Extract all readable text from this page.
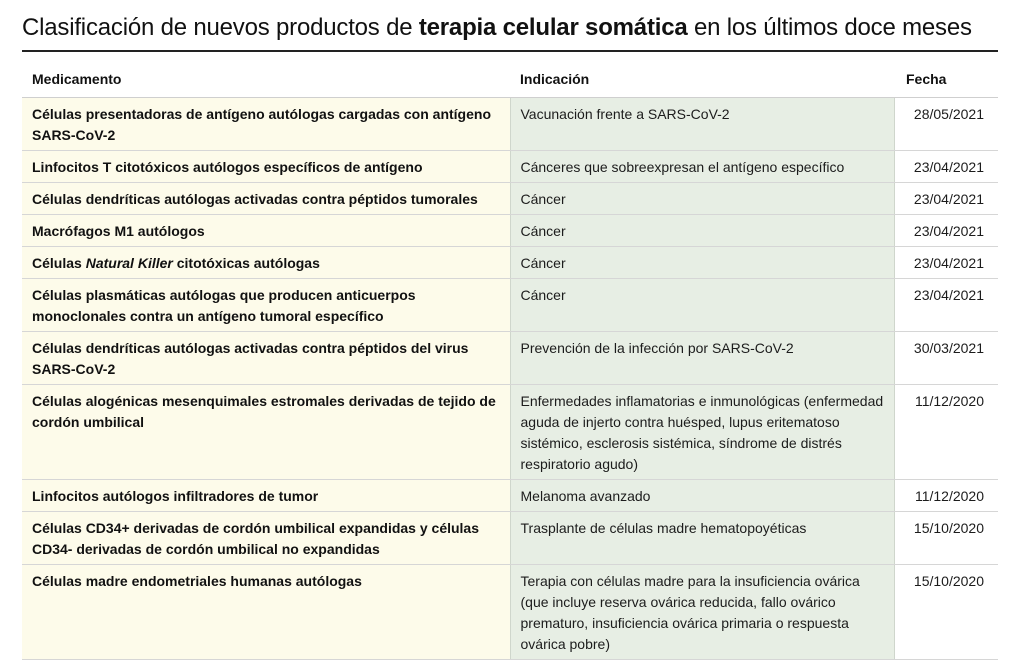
Clasificación de nuevos productos de terapia celular somática en los últimos doce meses
Medicamento	Indicación	Fecha
Células presentadoras de antígeno autólogas cargadas con antígeno SARS-CoV-2	Vacunación frente a SARS-CoV-2	28/05/2021
Linfocitos T citotóxicos autólogos específicos de antígeno	Cánceres que sobreexpresan el antígeno específico	23/04/2021
Células dendríticas autólogas activadas contra péptidos tumorales	Cáncer	23/04/2021
Macrófagos M1 autólogos	Cáncer	23/04/2021
Células Natural Killer citotóxicas autólogas	Cáncer	23/04/2021
Células plasmáticas autólogas que producen anticuerpos monoclonales contra un antígeno tumoral específico	Cáncer	23/04/2021
Células dendríticas autólogas activadas contra péptidos del virus SARS-CoV-2	Prevención de la infección por SARS-CoV-2	30/03/2021
Células alogénicas mesenquimales estromales derivadas de tejido de cordón umbilical	Enfermedades inflamatorias e inmunológicas (enfermedad aguda de injerto contra huésped, lupus eritematoso sistémico, esclerosis sistémica, síndrome de distrés respiratorio agudo)	11/12/2020
Linfocitos autólogos infiltradores de tumor	Melanoma avanzado	11/12/2020
Células CD34+ derivadas de cordón umbilical expandidas y células CD34- derivadas de cordón umbilical no expandidas	Trasplante de células madre hematopoyéticas	15/10/2020
Células madre endometriales humanas autólogas	Terapia con células madre para la insuficiencia ovárica (que incluye reserva ovárica reducida, fallo ovárico prematuro, insuficiencia ovárica primaria o respuesta ovárica pobre)	15/10/2020
